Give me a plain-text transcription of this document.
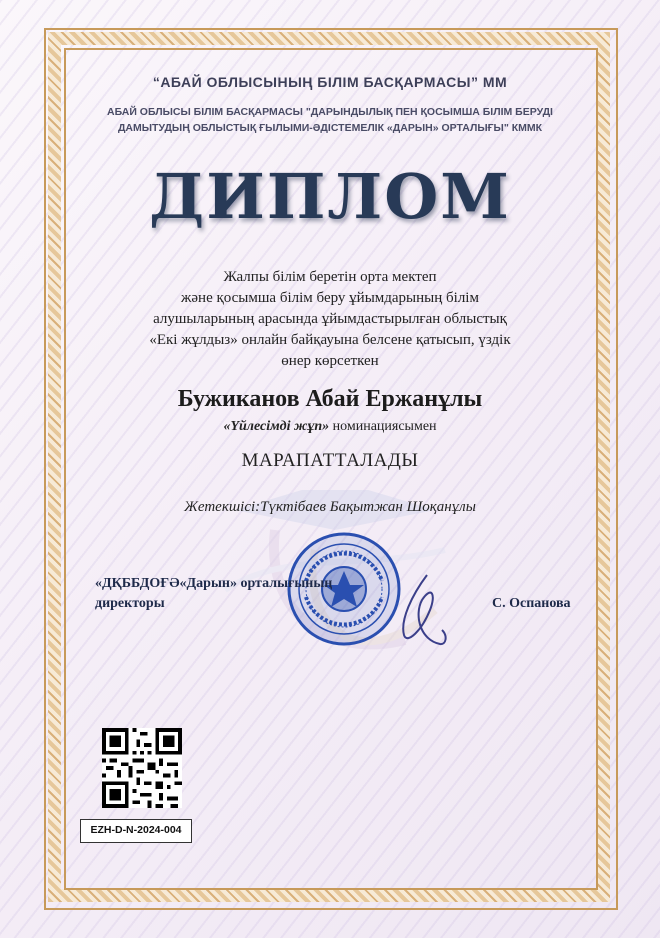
“АБАЙ ОБЛЫСЫНЫҢ БІЛІМ БАСҚАРМАСЫ” ММ
АБАЙ ОБЛЫСЫ БІЛІМ БАСҚАРМАСЫ "ДАРЫНДЫЛЫҚ ПЕН ҚОСЫМША БІЛІМ БЕРУДІ
ДАМЫТУДЫҢ ОБЛЫСТЫҚ ҒЫЛЫМИ-ӘДІСТЕМЕЛІК «ДАРЫН» ОРТАЛЫҒЫ" КММК
ДИПЛОМ
Жалпы білім беретін орта мектеп
және қосымша білім беру ұйымдарының білім
алушыларының арасында ұйымдастырылған облыстық
«Екі жұлдыз» онлайн байқауына белсене қатысып, үздік
өнер көрсеткен
Бужиканов Абай Ержанұлы
«Үйлесімді жұп» номинациясымен
МАРАПАТТАЛАДЫ
Жетекшісі:Түктібаев Бақытжан Шоқанұлы
«ДҚББДОҒӘ«Дарын» орталығының
директоры	С. Оспанова
EZH-D-N-2024-004
